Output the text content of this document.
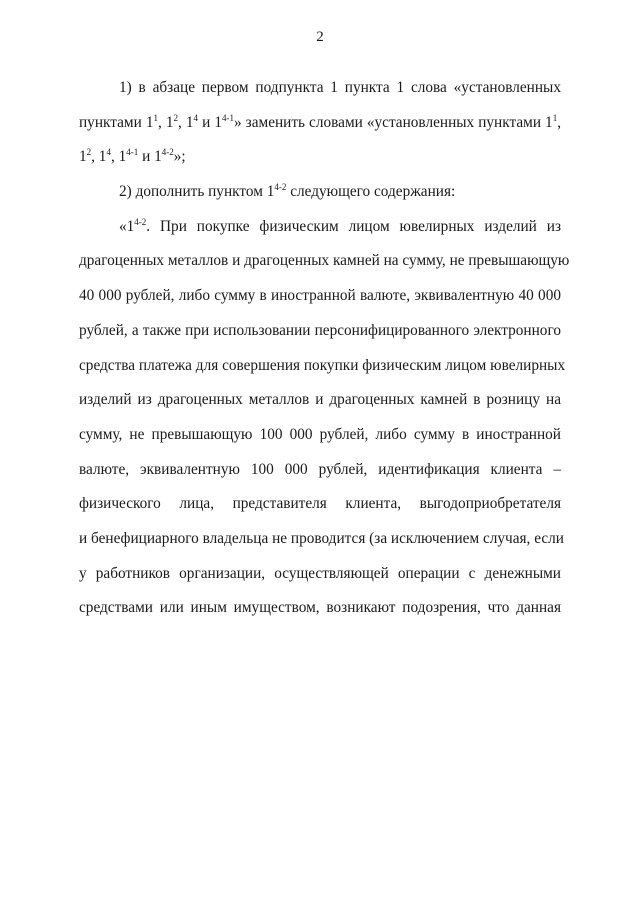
2
1) в абзаце первом подпункта 1 пункта 1 слова «установленных
пунктами $1^1$, $1^2$, $1^4$ и 1$^{4-1}$» заменить словами «установленных пунктами $1^1$,
$1^2$, $1^4$, 1$^{4-1}$ и 1$^{4-2}$»;
2) дополнить пунктом 1$^{4-2}$ следующего содержания:
«1$^{4-2}$. При покупке физическим лицом ювелирных изделий из
драгоценных металлов и драгоценных камней на сумму, не превышающую
40 000 рублей, либо сумму в иностранной валюте, эквивалентную 40 000
рублей, а также при использовании персонифицированного электронного
средства платежа для совершения покупки физическим лицом ювелирных
изделий из драгоценных металлов и драгоценных камней в розницу на
сумму, не превышающую 100 000 рублей, либо сумму в иностранной
валюте, эквивалентную 100 000 рублей, идентификация клиента –
физического лица, представителя клиента, выгодоприобретателя
и бенефициарного владельца не проводится (за исключением случая, если
у работников организации, осуществляющей операции с денежными
средствами или иным имуществом, возникают подозрения, что данная
